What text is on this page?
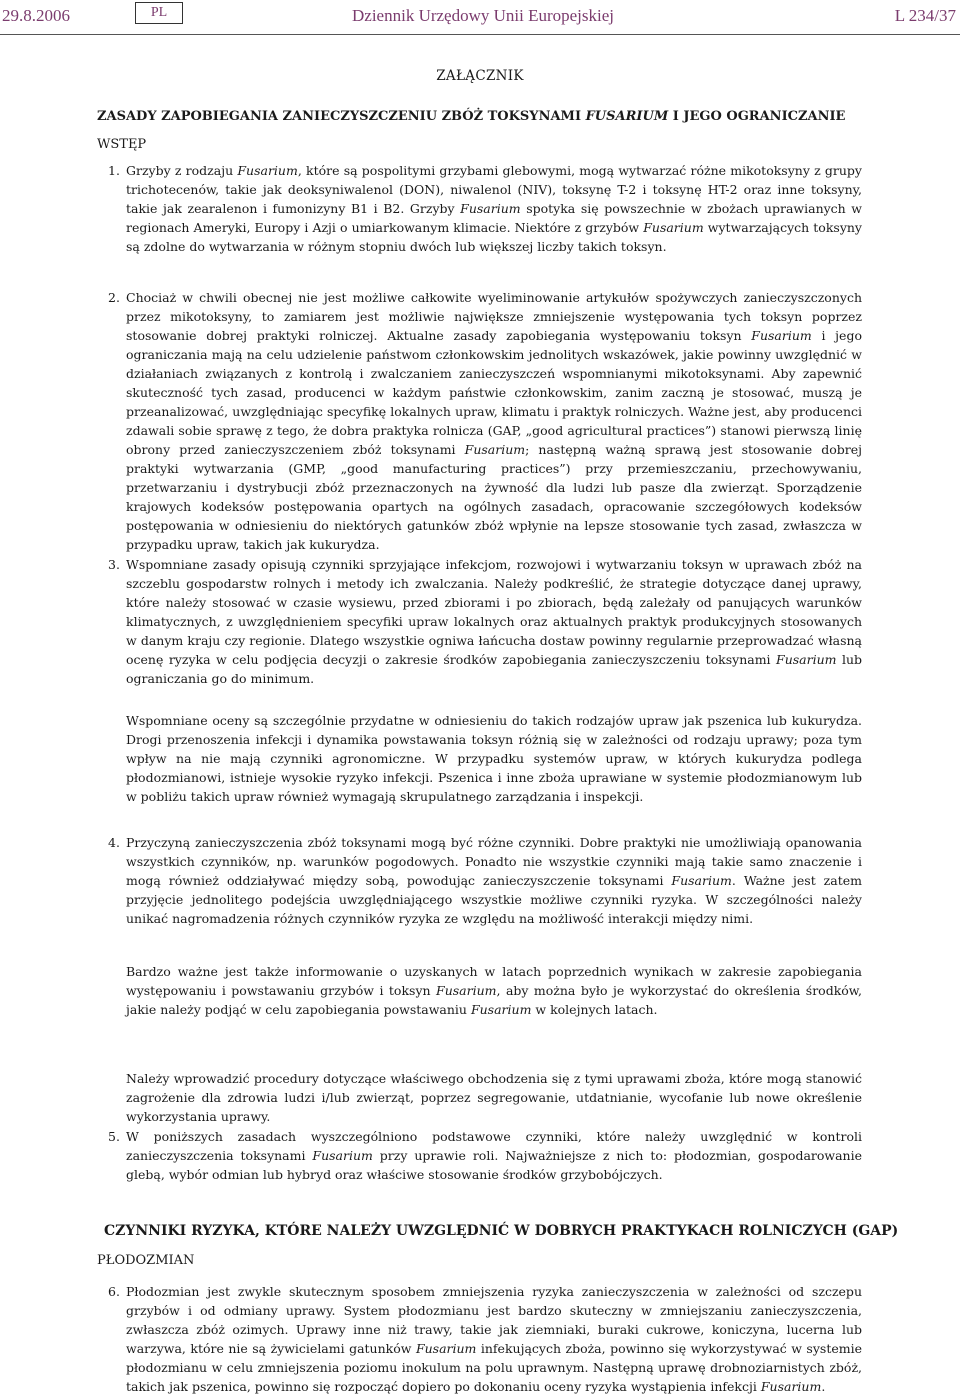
29.8.2006	PL	Dziennik Urzędowy Unii Europejskiej	L 234/37
ZAŁĄCZNIK
ZASADY ZAPOBIEGANIA ZANIECZYSZCZENIU ZBÓŻ TOKSYNAMI FUSARIUM I JEGO OGRANICZANIE
WSTĘP
1. Grzyby z rodzaju Fusarium, które są pospolitymi grzybami glebowymi, mogą wytwarzać różne mikotoksyny z grupy trichotecenów, takie jak deoksyniwalenol (DON), niwalenol (NIV), toksynę T-2 i toksynę HT-2 oraz inne toksyny, takie jak zearalenon i fumonizyny B1 i B2. Grzyby Fusarium spotyka się powszechnie w zbożach uprawianych w regionach Ameryki, Europy i Azji o umiarkowanym klimacie. Niektóre z grzybów Fusarium wytwarzających toksyny są zdolne do wytwarzania w różnym stopniu dwóch lub większej liczby takich toksyn.
2. Chociaż w chwili obecnej nie jest możliwe całkowite wyeliminowanie artykułów spożywczych zanieczyszczonych przez mikotoksyny, to zamiarem jest możliwie największe zmniejszenie występowania tych toksyn poprzez stosowanie dobrej praktyki rolniczej. Aktualne zasady zapobiegania występowaniu toksyn Fusarium i jego ograniczania mają na celu udzielenie państwom członkowskim jednolitych wskazówek, jakie powinny uwzględnić w działaniach związanych z kontrolą i zwalczaniem zanieczyszczeń wspomnianymi mikotoksynami. Aby zapewnić skuteczność tych zasad, producenci w każdym państwie członkowskim, zanim zaczną je stosować, muszą je przeanalizować, uwzględniając specyfikę lokalnych upraw, klimatu i praktyk rolniczych. Ważne jest, aby producenci zdawali sobie sprawę z tego, że dobra praktyka rolnicza (GAP, „good agricultural practices”) stanowi pierwszą linię obrony przed zanieczyszczeniem zbóż toksynami Fusarium; następną ważną sprawą jest stosowanie dobrej praktyki wytwarzania (GMP, „good manufacturing practices”) przy przemieszczaniu, przechowywaniu, przetwarzaniu i dystrybucji zbóż przeznaczonych na żywność dla ludzi lub pasze dla zwierząt. Sporządzenie krajowych kodeksów postępowania opartych na ogólnych zasadach, opracowanie szczegółowych kodeksów postępowania w odniesieniu do niektórych gatunków zbóż wpłynie na lepsze stosowanie tych zasad, zwłaszcza w przypadku upraw, takich jak kukurydza.
3. Wspomniane zasady opisują czynniki sprzyjające infekcjom, rozwojowi i wytwarzaniu toksyn w uprawach zbóż na szczeblu gospodarstw rolnych i metody ich zwalczania. Należy podkreślić, że strategie dotyczące danej uprawy, które należy stosować w czasie wysiewu, przed zbiorami i po zbiorach, będą zależały od panujących warunków klimatycznych, z uwzględnieniem specyfiki upraw lokalnych oraz aktualnych praktyk produkcyjnych stosowanych w danym kraju czy regionie. Dlatego wszystkie ogniwa łańcucha dostaw powinny regularnie przeprowadzać własną ocenę ryzyka w celu podjęcia decyzji o zakresie środków zapobiegania zanieczyszczeniu toksynami Fusarium lub ograniczania go do minimum.
Wspomniane oceny są szczególnie przydatne w odniesieniu do takich rodzajów upraw jak pszenica lub kukurydza. Drogi przenoszenia infekcji i dynamika powstawania toksyn różnią się w zależności od rodzaju uprawy; poza tym wpływ na nie mają czynniki agronomiczne. W przypadku systemów upraw, w których kukurydza podlega płodozmianowi, istnieje wysokie ryzyko infekcji. Pszenica i inne zboża uprawiane w systemie płodozmianowym lub w pobliżu takich upraw również wymagają skrupulatnego zarządzania i inspekcji.
4. Przyczyną zanieczyszczenia zbóż toksynami mogą być różne czynniki. Dobre praktyki nie umożliwiają opanowania wszystkich czynników, np. warunków pogodowych. Ponadto nie wszystkie czynniki mają takie samo znaczenie i mogą również oddziaływać między sobą, powodując zanieczyszczenie toksynami Fusarium. Ważne jest zatem przyjęcie jednolitego podejścia uwzględniającego wszystkie możliwe czynniki ryzyka. W szczególności należy unikać nagromadzenia różnych czynników ryzyka ze względu na możliwość interakcji między nimi.
Bardzo ważne jest także informowanie o uzyskanych w latach poprzednich wynikach w zakresie zapobiegania występowaniu i powstawaniu grzybów i toksyn Fusarium, aby można było je wykorzystać do określenia środków, jakie należy podjąć w celu zapobiegania powstawaniu Fusarium w kolejnych latach.
Należy wprowadzić procedury dotyczące właściwego obchodzenia się z tymi uprawami zboża, które mogą stanowić zagrożenie dla zdrowia ludzi i/lub zwierząt, poprzez segregowanie, utdatnianie, wycofanie lub nowe określenie wykorzystania uprawy.
5. W poniższych zasadach wyszczególniono podstawowe czynniki, które należy uwzględnić w kontroli zanieczyszczenia toksynami Fusarium przy uprawie roli. Najważniejsze z nich to: płodozmian, gospodarowanie glebą, wybór odmian lub hybryd oraz właściwe stosowanie środków grzybobójczych.
CZYNNIKI RYZYKA, KTÓRE NALEŻY UWZGLĘDNIĆ W DOBRYCH PRAKTYKACH ROLNICZYCH (GAP)
PŁODOZMIAN
6. Płodozmian jest zwykle skutecznym sposobem zmniejszenia ryzyka zanieczyszczenia w zależności od szczepu grzybów i od odmiany uprawy. System płodozmianu jest bardzo skuteczny w zmniejszaniu zanieczyszczenia, zwłaszcza zbóż ozimych. Uprawy inne niż trawy, takie jak ziemniaki, buraki cukrowe, koniczyna, lucerna lub warzywa, które nie są żywicielami gatunków Fusarium infekujących zboża, powinno się wykorzystywać w systemie płodozmianu w celu zmniejszenia poziomu inokulum na polu uprawnym. Następną uprawę drobnoziarnistych zbóż, takich jak pszenica, powinno się rozpocząć dopiero po dokonaniu oceny ryzyka wystąpienia infekcji Fusarium.
